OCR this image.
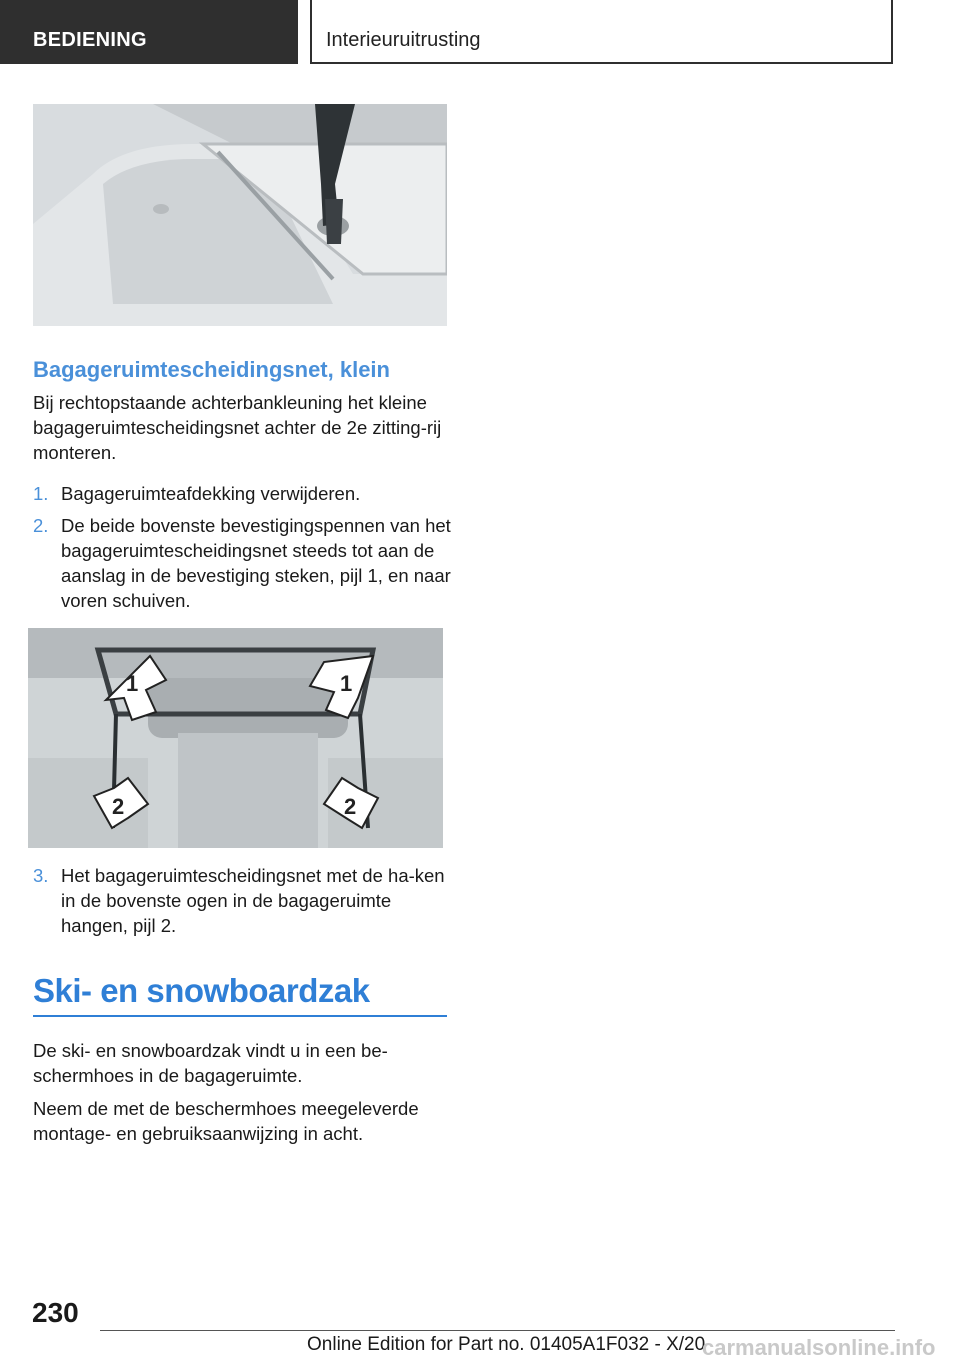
BEDIENING	Interieuruitrusting
Bagageruimtescheidingsnet, klein
Bij rechtopstaande achterbankleuning het kleine bagageruimtescheidingsnet achter de 2e zitting-rij monteren.
1. Bagageruimteafdekking verwijderen.
2. De beide bovenste bevestigingspennen van het bagageruimtescheidingsnet steeds tot aan de aanslag in de bevestiging steken, pijl 1, en naar voren schuiven.
1	1
2	2
3. Het bagageruimtescheidingsnet met de ha-ken in de bovenste ogen in de bagageruimte hangen, pijl 2.
Ski- en snowboardzak
De ski- en snowboardzak vindt u in een be-schermhoes in de bagageruimte.
Neem de met de beschermhoes meegeleverde montage- en gebruiksaanwijzing in acht.
230
Online Edition for Part no. 01405A1F032 - X/20
carmanualsonline.info
